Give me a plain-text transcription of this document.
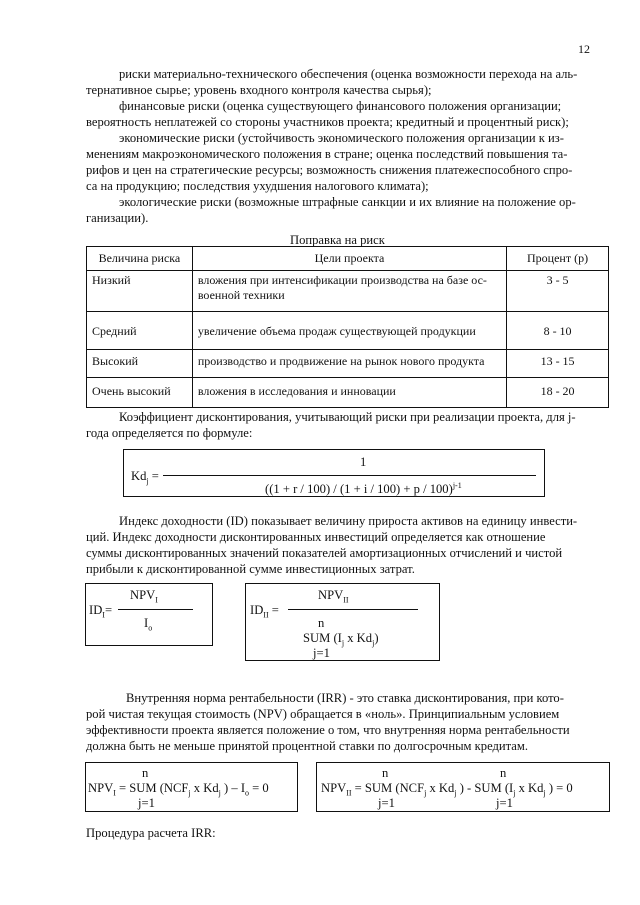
12
риски материально-технического обеспечения (оценка возможности перехода на аль-
тернативное сырье; уровень входного контроля качества сырья);
финансовые риски (оценка существующего финансового положения организации;
вероятность неплатежей со стороны участников проекта; кредитный и процентный риск);
экономические риски (устойчивость экономического положения организации к из-
менениям макроэкономического положения в стране; оценка последствий повышения та-
рифов и цен на стратегические ресурсы; возможность снижения платежеспособного спро-
са на продукцию; последствия ухудшения налогового климата);
экологические риски (возможные штрафные санкции и их влияние на положение ор-
ганизации).
Поправка на риск
Величина риска	Цели проекта	Процент (р)
Низкий	вложения при интенсификации производства на базе ос-
военной техники	3 - 5
Средний	увеличение объема продаж существующей продукции	8 - 10
Высокий	производство и продвижение на рынок нового продукта	13 - 15
Очень высокий	вложения в исследования и инновации	18 - 20
Коэффициент дисконтирования, учитывающий риски при реализации проекта, для j-
года определяется по формуле:
$Kd_j$ =
1
$((1 + r / 100) / (1 + i / 100) + p / 100)^{j-1}$
Индекс доходности (ID) показывает величину прироста активов на единицу инвести-
ций. Индекс доходности дисконтированных инвестиций определяется как отношение
суммы дисконтированных значений показателей амортизационных отчислений и чистой
прибыли к дисконтированной сумме инвестиционных затрат.
$NPV_I$
$ID_I=$
$I_o$
$NPV_{II}$
$ID_{II}$ =
n
SUM ($I_j$ x $Kd_j$)
j=1
Внутренняя норма рентабельности (IRR) - это ставка дисконтирования, при кото-
рой чистая текущая стоимость (NPV) обращается в «ноль». Принципиальным условием
эффективности проекта является положение о том, что внутренняя норма рентабельности
должна быть не меньше принятой процентной ставки по долгосрочным кредитам.
n
$NPV_I$ = SUM ($NCF_j$ x $Kd_j$ ) – $I_o = 0$
j=1
n	n
$NPV_{II}$ = SUM ($NCF_j$ x $Kd_j$ ) - SUM ($I_j$ x $Kd_j$ ) = 0
j=1	j=1
Процедура расчета IRR:
